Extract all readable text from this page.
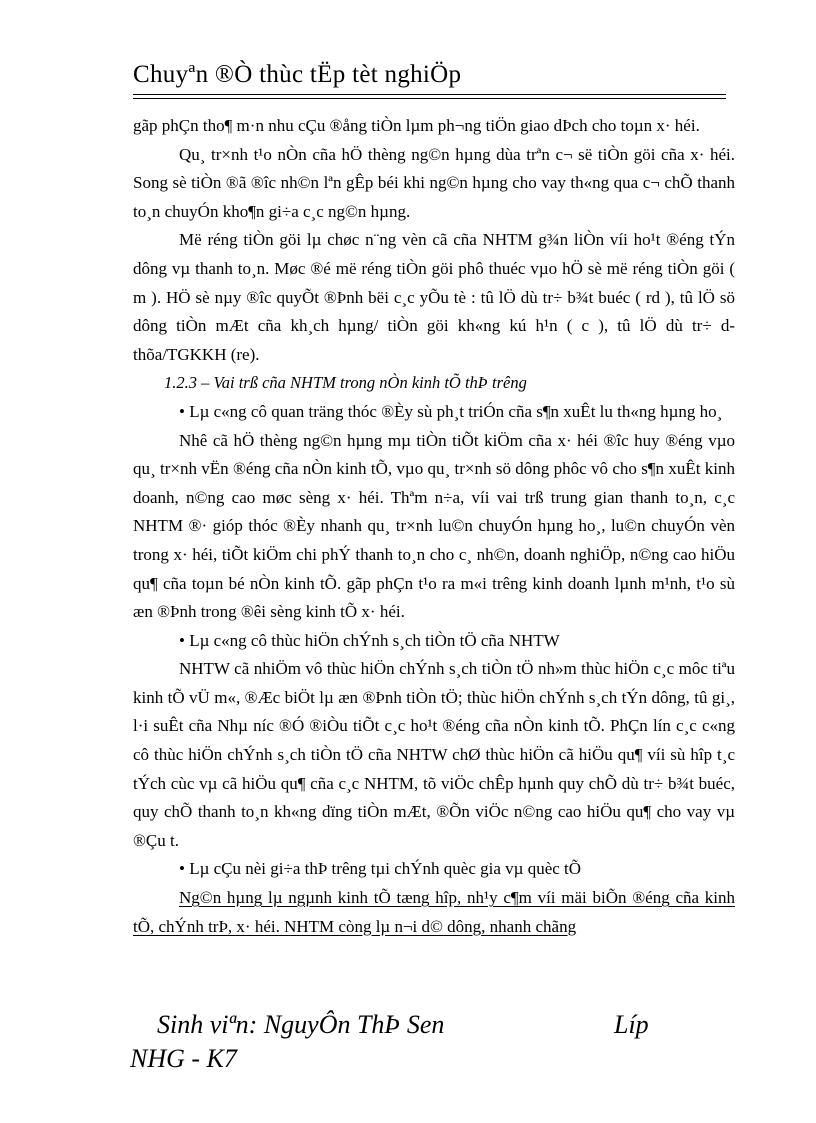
Chuyªn ®Ò thùc tËp tèt nghiÖp

gãp phÇn tho¶ m·n nhu cÇu ®ång tiÒn lµm ph¬ng tiÖn giao dÞch cho toµn x· héi.

Qu¸ tr×nh t¹o nÒn cña hÖ thèng ng©n hµng dùa trªn c¬ së tiÒn göi cña x· héi. Song sè tiÒn ®ã ®îc nh©n lªn gÊp béi khi ng©n hµng cho vay th«ng qua c¬ chÕ thanh to¸n chuyÓn kho¶n gi÷a c¸c ng©n hµng.

Më réng tiÒn göi lµ chøc n¨ng vèn cã cña NHTM g¾n liÒn víi ho¹t ®éng tÝn dông vµ thanh to¸n. Møc ®é më réng tiÒn göi phô thuéc vµo hÖ sè më réng tiÒn göi ( m ). HÖ sè nµy ®îc quyÕt ®Þnh bëi c¸c yÕu tè : tû lÖ dù tr÷ b¾t buéc ( rd ), tû lÖ sö dông tiÒn mÆt cña kh¸ch hµng/ tiÒn göi kh«ng kú h¹n ( c ), tû lÖ dù tr÷ d thõa/TGKKH (re).

1.2.3 – Vai trß cña NHTM trong nÒn kinh tÕ thÞ trêng

• Lµ c«ng cô quan träng thóc ®Èy sù ph¸t triÓn cña s¶n xuÊt lu th«ng hµng ho¸

Nhê cã hÖ thèng ng©n hµng mµ tiÒn tiÕt kiÖm cña x· héi ®îc huy ®éng vµo qu¸ tr×nh vËn ®éng cña nÒn kinh tÕ, vµo qu¸ tr×nh sö dông phôc vô cho s¶n xuÊt kinh doanh, n©ng cao møc sèng x· héi. Thªm n÷a, víi vai trß trung gian thanh to¸n, c¸c NHTM ®· gióp thóc ®Èy nhanh qu¸ tr×nh lu©n chuyÓn hµng ho¸, lu©n chuyÓn vèn trong x· héi, tiÕt kiÖm chi phÝ thanh to¸n cho c¸ nh©n, doanh nghiÖp, n©ng cao hiÖu qu¶ cña toµn bé nÒn kinh tÕ. gãp phÇn t¹o ra m«i trêng kinh doanh lµnh m¹nh, t¹o sù æn ®Þnh trong ®êi sèng kinh tÕ x· héi.

• Lµ c«ng cô thùc hiÖn chÝnh s¸ch tiÒn tÖ cña NHTW

NHTW cã nhiÖm vô thùc hiÖn chÝnh s¸ch tiÒn tÖ nh»m thùc hiÖn c¸c môc tiªu kinh tÕ vÜ m«, ®Æc biÖt lµ æn ®Þnh tiÒn tÖ; thùc hiÖn chÝnh s¸ch tÝn dông, tû gi¸, l·i suÊt cña Nhµ níc ®Ó ®iÒu tiÕt c¸c ho¹t ®éng cña nÒn kinh tÕ. PhÇn lín c¸c c«ng cô thùc hiÖn chÝnh s¸ch tiÒn tÖ cña NHTW chØ thùc hiÖn cã hiÖu qu¶ víi sù hîp t¸c tÝch cùc vµ cã hiÖu qu¶ cña c¸c NHTM, tõ viÖc chÊp hµnh quy chÕ dù tr÷ b¾t buéc, quy chÕ thanh to¸n kh«ng dïng tiÒn mÆt, ®Õn viÖc n©ng cao hiÖu qu¶ cho vay vµ ®Çu t.

• Lµ cÇu nèi gi÷a thÞ trêng tµi chÝnh quèc gia vµ quèc tÕ

Ng©n hµng lµ ngµnh kinh tÕ tæng hîp, nh¹y c¶m víi mäi biÕn ®éng cña kinh tÕ, chÝnh trÞ, x· héi. NHTM còng lµ n¬i d© dông, nhanh chãng

Sinh viªn: NguyÔn ThÞ Sen	Líp
NHG - K7
